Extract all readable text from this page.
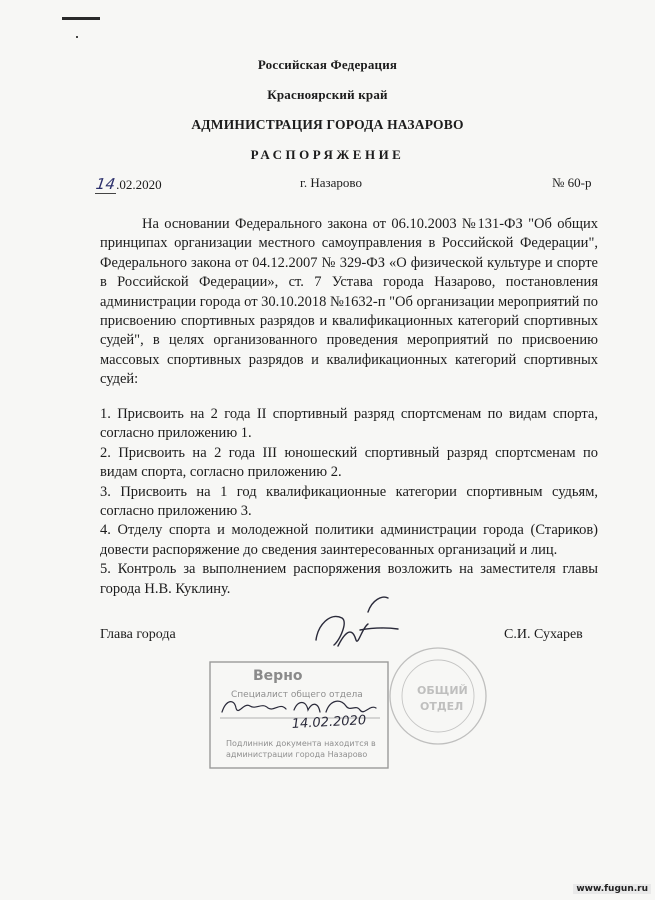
Российская Федерация
Красноярский край
АДМИНИСТРАЦИЯ ГОРОДА НАЗАРОВО
РАСПОРЯЖЕНИЕ
14.02.2020	г. Назарово	№ 60-р

На основании Федерального закона от 06.10.2003 №131-ФЗ "Об общих принципах организации местного самоуправления в Российской Федерации", Федерального закона от 04.12.2007 № 329-ФЗ «О физической культуре и спорте в Российской Федерации», ст. 7 Устава города Назарово, постановления администрации города от 30.10.2018 №1632-п "Об организации мероприятий по присвоению спортивных разрядов и квалификационных категорий спортивных судей", в целях организованного проведения мероприятий по присвоению массовых спортивных разрядов и квалификационных категорий спортивных судей:

1. Присвоить на 2 года II спортивный разряд спортсменам по видам спорта, согласно приложению 1.

2. Присвоить на 2 года III юношеский спортивный разряд спортсменам по видам спорта, согласно приложению 2.

3. Присвоить на 1 год квалификационные категории спортивным судьям, согласно приложению 3.

4. Отделу спорта и молодежной политики администрации города (Стариков) довести распоряжение до сведения заинтересованных организаций и лиц.

5. Контроль за выполнением распоряжения возложить на заместителя главы города Н.В. Куклину.

Глава города	С.И. Сухарев
Верно
Специалист общего отдела
Подлинник документа находится в
администрации города Назарово
14.02.2020
ОБЩИЙ
ОТДЕЛ
www.fugun.ru
